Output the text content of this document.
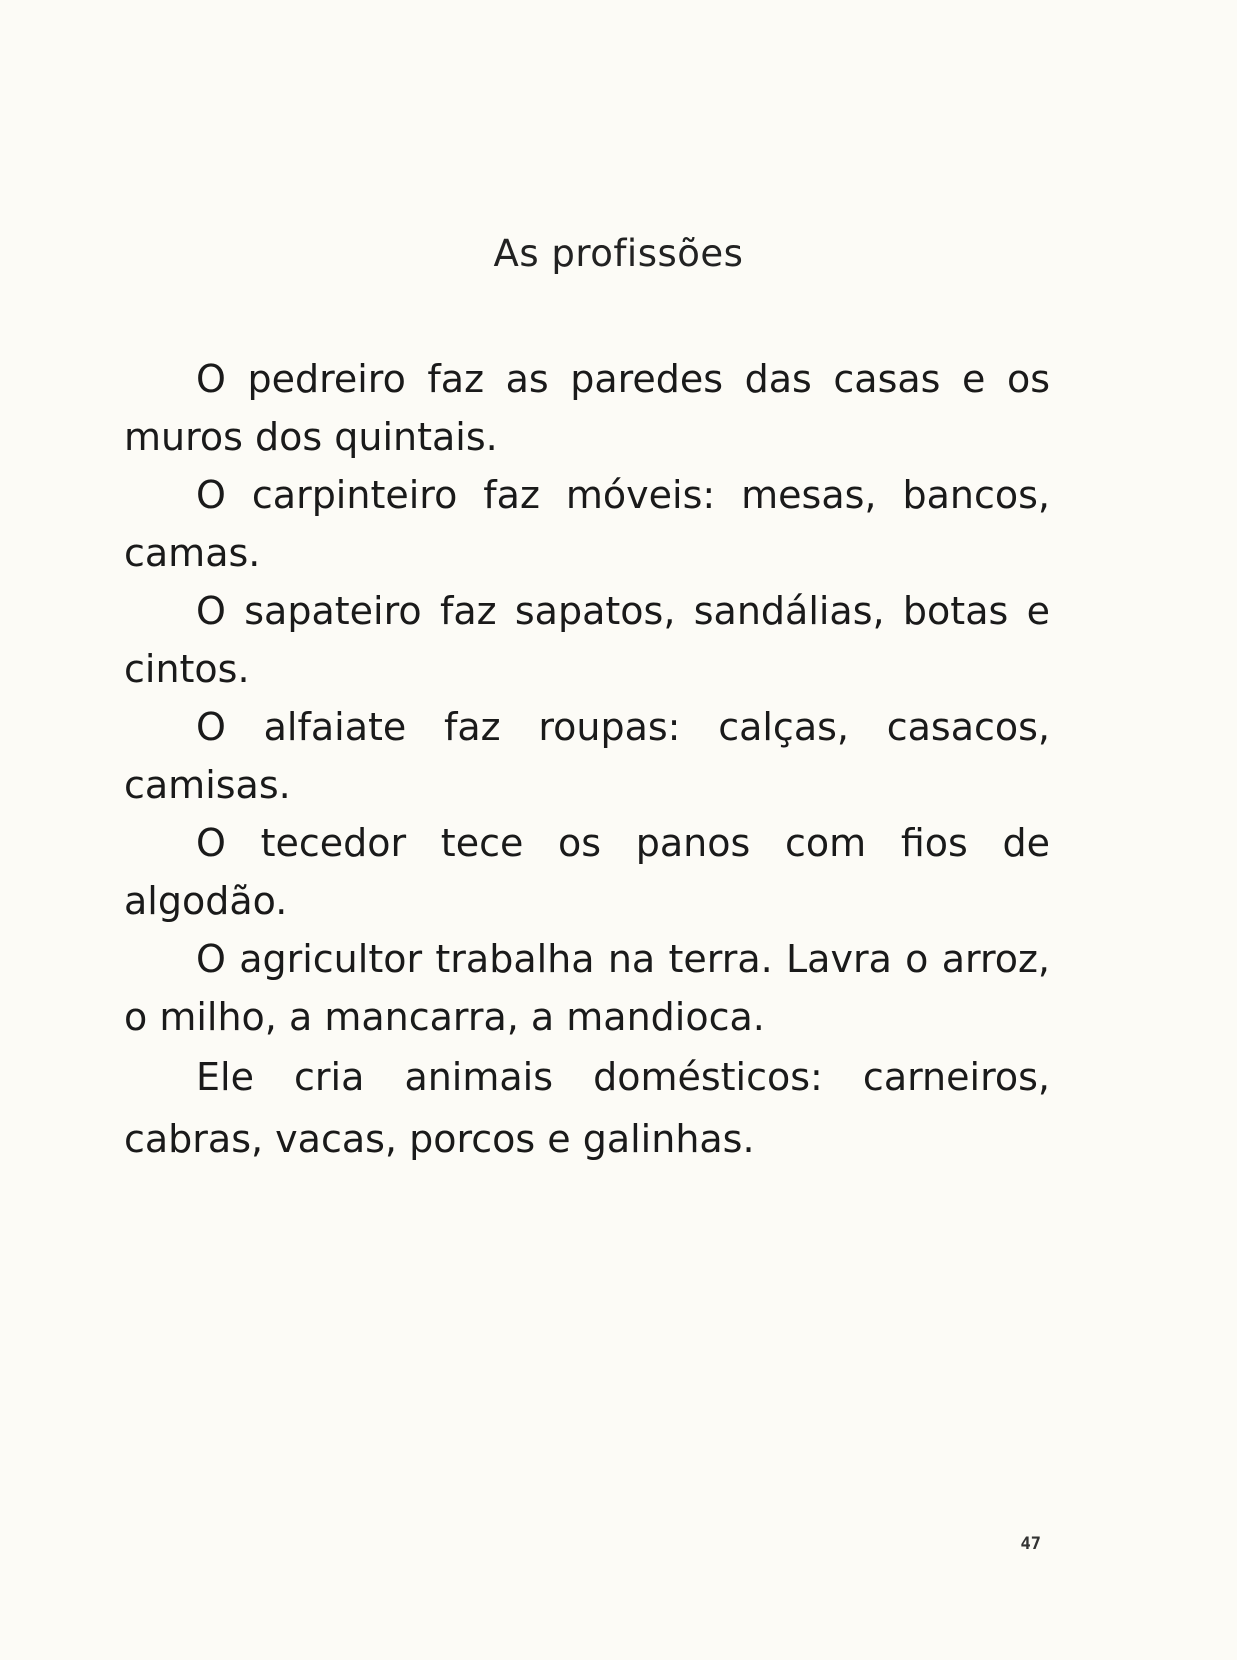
As profissões

O pedreiro faz as paredes das casas e os muros dos quintais.

O carpinteiro faz móveis: mesas, bancos, camas.

O sapateiro faz sapatos, sandálias, botas e cintos.

O alfaiate faz roupas: calças, casacos, camisas.

O tecedor tece os panos com fios de algodão.

O agricultor trabalha na terra. Lavra o arroz, o milho, a mancarra, a mandioca.

Ele cria animais domésticos: carneiros, cabras, vacas, porcos e galinhas.

47
